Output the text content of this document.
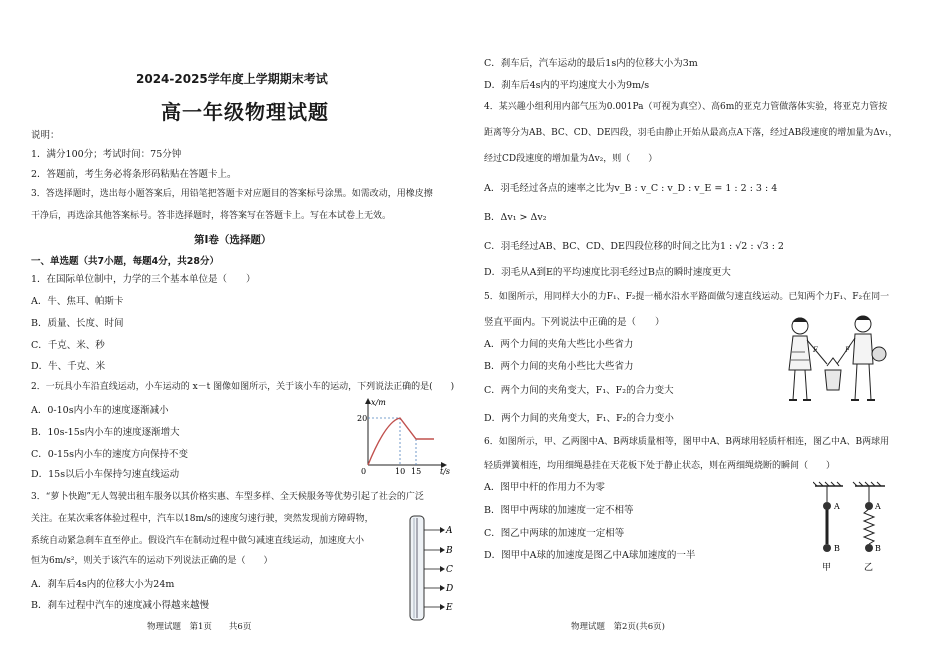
2024-2025学年度上学期期末考试
高一年级物理试题
说明：
1．满分100分；考试时间：75分钟
2．答题前，考生务必将条形码粘贴在答题卡上。
3．答选择题时，选出每小题答案后，用铅笔把答题卡对应题目的答案标号涂黑。如需改动，用橡皮擦
干净后，再选涂其他答案标号。答非选择题时，将答案写在答题卡上。写在本试卷上无效。
第Ⅰ卷（选择题）
一、单选题（共7小题，每题4分，共28分）
1．在国际单位制中，力学的三个基本单位是（　　）
A．牛、焦耳、帕斯卡
B．质量、长度、时间
C．千克、米、秒
D．牛、千克、米
2．一玩具小车沿直线运动，小车运动的 x－t 图像如图所示，关于该小车的运动，下列说法正确的是(　　)
A．0-10s内小车的速度逐渐减小
B．10s-15s内小车的速度逐渐增大
C．0-15s内小车的速度方向保持不变
D．15s以后小车保持匀速直线运动
x/m
20
0	10 15 t/s
3．“萝卜快跑”无人驾驶出租车服务以其价格实惠、车型多样、全天候服务等优势引起了社会的广泛
关注。在某次乘客体验过程中，汽车以18m/s的速度匀速行驶，突然发现前方障碍物，
系统自动紧急刹车直至停止。假设汽车在制动过程中做匀减速直线运动，加速度大小
恒为6m/s²，则关于该汽车的运动下列说法正确的是（　　）
A．刹车后4s内的位移大小为24m
B．刹车过程中汽车的速度减小得越来越慢
A
B
C
D
E
物理试题　第1页　　共6页
C．刹车后，汽车运动的最后1s内的位移大小为3m
D．刹车后4s内的平均速度大小为9m/s
4．某兴趣小组利用内部气压为0.001Pa（可视为真空）、高6m的亚克力管做落体实验，将亚克力管按
距离等分为AB、BC、CD、DE四段，羽毛由静止开始从最高点A下落，经过AB段速度的增加量为Δv₁，
经过CD段速度的增加量为Δv₂，则（　　）
A．羽毛经过各点的速率之比为v_B : v_C : v_D : v_E = 1 : 2 : 3 : 4
B．Δv₁ > Δv₂
C．羽毛经过AB、BC、CD、DE四段位移的时间之比为1 : √2 : √3 : 2
D．羽毛从A到E的平均速度比羽毛经过B点的瞬时速度更大
5．如图所示，用同样大小的力F₁、F₂提一桶水沿水平路面做匀速直线运动。已知两个力F₁、F₂在同一
竖直平面内。下列说法中正确的是（　　）
A．两个力间的夹角大些比小些省力
B．两个力间的夹角小些比大些省力
C．两个力间的夹角变大，F₁、F₂的合力变大
D．两个力间的夹角变大，F₁、F₂的合力变小
F	F
6．如图所示，甲、乙两图中A、B两球质量相等，图甲中A、B两球用轻质杆相连，图乙中A、B两球用
轻质弹簧相连，均用细绳悬挂在天花板下处于静止状态，则在两细绳烧断的瞬间（　　）
A．图甲中杆的作用力不为零
B．图甲中两球的加速度一定不相等
C．图乙中两球的加速度一定相等
D．图甲中A球的加速度是图乙中A球加速度的一半
A
B
A
B
甲	乙
物理试题　第2页(共6页)
